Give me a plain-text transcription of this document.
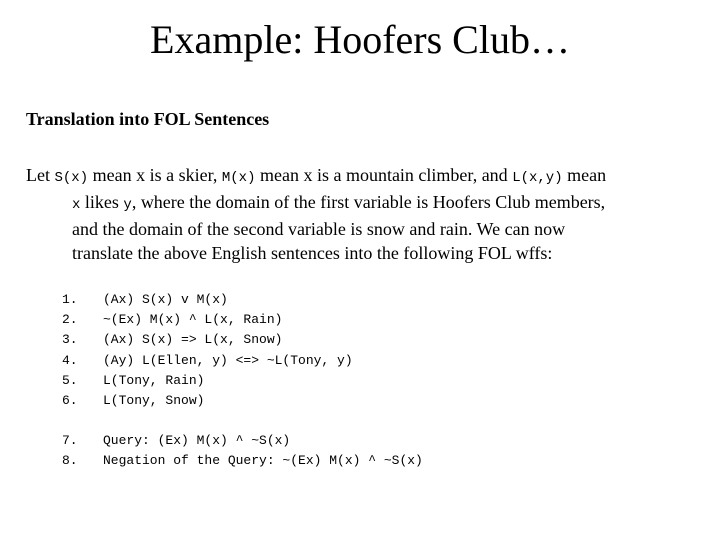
Example: Hoofers Club…
Translation into FOL Sentences
Let S(x) mean x is a skier, M(x) mean x is a mountain climber, and L(x,y) mean
x likes y, where the domain of the first variable is Hoofers Club members,
and the domain of the second variable is snow and rain. We can now
translate the above English sentences into the following FOL wffs:
1.	(Ax) S(x) v M(x)
2.	~(Ex) M(x) ^ L(x, Rain)
3.	(Ax) S(x) => L(x, Snow)
4.	(Ay) L(Ellen, y) <=> ~L(Tony, y)
5.	L(Tony, Rain)
6.	L(Tony, Snow)
7.	Query: (Ex) M(x) ^ ~S(x)
8.	Negation of the Query: ~(Ex) M(x) ^ ~S(x)
